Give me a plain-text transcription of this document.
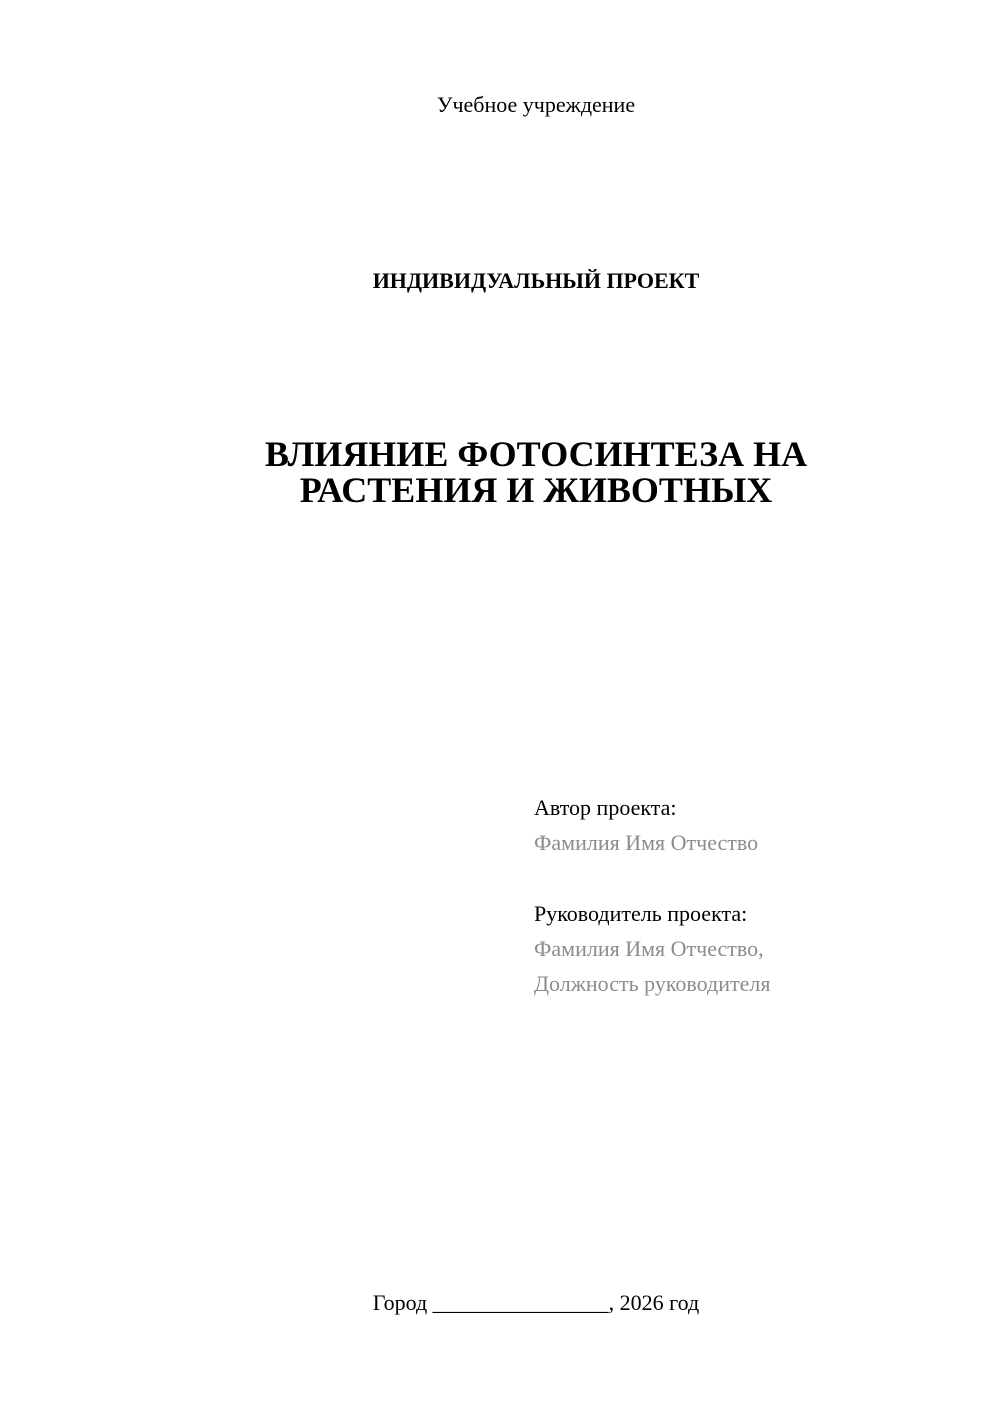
Учебное учреждение
ИНДИВИДУАЛЬНЫЙ ПРОЕКТ
ВЛИЯНИЕ ФОТОСИНТЕЗА НА
РАСТЕНИЯ И ЖИВОТНЫХ
Автор проекта:
Фамилия Имя Отчество
Руководитель проекта:
Фамилия Имя Отчество,
Должность руководителя
Город ________________, 2026 год
